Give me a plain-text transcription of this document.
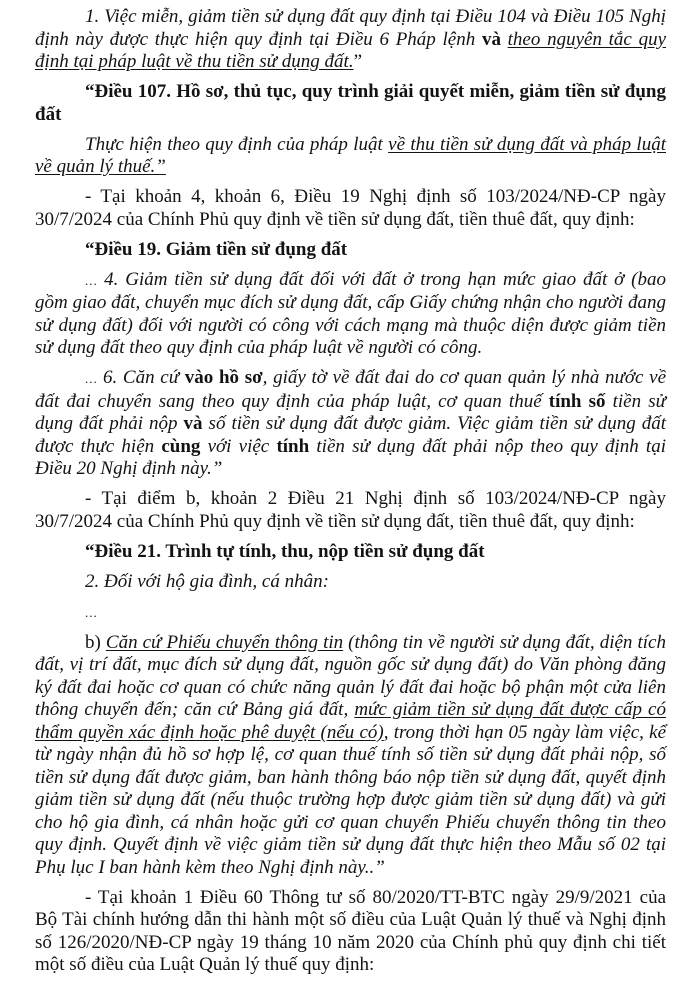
1. Việc miễn, giảm tiền sử dụng đất quy định tại Điều 104 và Điều 105 Nghị định này được thực hiện quy định tại Điều 6 Pháp lệnh và theo nguyên tắc quy định tại pháp luật về thu tiền sử dụng đất.”

“Điều 107. Hồ sơ, thủ tục, quy trình giải quyết miễn, giảm tiền sử đụng đất

Thực hiện theo quy định của pháp luật về thu tiền sử dụng đất và pháp luật về quản lý thuế.”

- Tại khoản 4, khoản 6, Điều 19 Nghị định số 103/2024/NĐ-CP ngày 30/7/2024 của Chính Phủ quy định về tiền sử dụng đất, tiền thuê đất, quy định:

“Điều 19. Giảm tiền sử đụng đất

... 4. Giảm tiền sử dụng đất đối với đất ở trong hạn mức giao đất ở (bao gồm giao đất, chuyển mục đích sử dụng đất, cấp Giấy chứng nhận cho người đang sử dụng đất) đối với người có công với cách mạng mà thuộc diện được giảm tiền sử dụng đất theo quy định của pháp luật về người có công.

... 6. Căn cứ vào hồ sơ, giấy tờ về đất đai do cơ quan quản lý nhà nước về đất đai chuyển sang theo quy định của pháp luật, cơ quan thuế tính số tiền sử dụng đất phải nộp và số tiền sử dụng đất được giảm. Việc giảm tiền sử dụng đất được thực hiện cùng với việc tính tiền sử dụng đất phải nộp theo quy định tại Điều 20 Nghị định này.”

- Tại điểm b, khoản 2 Điều 21 Nghị định số 103/2024/NĐ-CP ngày 30/7/2024 của Chính Phủ quy định về tiền sử dụng đất, tiền thuê đất, quy định:

“Điều 21. Trình tự tính, thu, nộp tiền sử đụng đất

2. Đối với hộ gia đình, cá nhân:

...

b) Căn cứ Phiếu chuyển thông tin (thông tin về người sử dụng đất, diện tích đất, vị trí đất, mục đích sử dụng đất, nguồn gốc sử dụng đất) do Văn phòng đăng ký đất đai hoặc cơ quan có chức năng quản lý đất đai hoặc bộ phận một cửa liên thông chuyển đến; căn cứ Bảng giá đất, mức giảm tiền sử dụng đất được cấp có thẩm quyền xác định hoặc phê duyệt (nếu có), trong thời hạn 05 ngày làm việc, kể từ ngày nhận đủ hồ sơ hợp lệ, cơ quan thuế tính số tiền sử dụng đất phải nộp, số tiền sử dụng đất được giảm, ban hành thông báo nộp tiền sử dụng đất, quyết định giảm tiền sử dụng đất (nếu thuộc trường hợp được giảm tiền sử dụng đất) và gửi cho hộ gia đình, cá nhân hoặc gửi cơ quan chuyển Phiếu chuyển thông tin theo quy định. Quyết định về việc giảm tiền sử dụng đất thực hiện theo Mẫu số 02 tại Phụ lục I ban hành kèm theo Nghị định này..”

- Tại khoản 1 Điều 60 Thông tư số 80/2020/TT-BTC ngày 29/9/2021 của Bộ Tài chính hướng dẫn thi hành một số điều của Luật Quản lý thuế và Nghị định số 126/2020/NĐ-CP ngày 19 tháng 10 năm 2020 của Chính phủ quy định chi tiết một số điều của Luật Quản lý thuế quy định:
